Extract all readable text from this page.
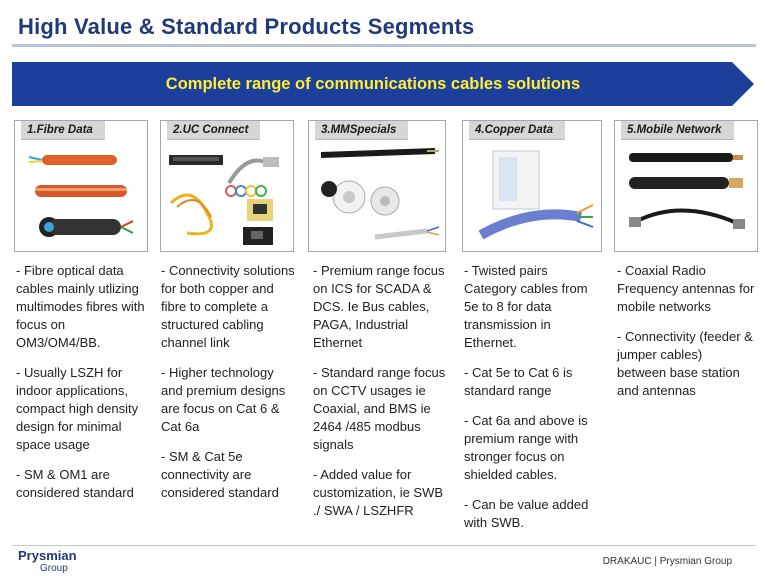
High Value & Standard Products Segments
Complete range of communications cables solutions
1.Fibre Data	2.UC Connect	3.MMSpecials	4.Copper Data	5.Mobile Network

- Fibre optical data cables mainly utlizing multimodes fibres with focus on OM3/OM4/BB.

- Usually LSZH for indoor applications, compact high density design for minimal space usage

- SM & OM1 are considered standard

- Connectivity solutions for both copper and fibre to complete a structured cabling channel link

- Higher technology and premium designs are focus on Cat 6 & Cat 6a

- SM & Cat 5e connectivity are considered standard

- Premium range focus on ICS for SCADA & DCS. Ie Bus cables, PAGA, Industrial Ethernet

- Standard range focus on CCTV usages ie Coaxial, and BMS ie 2464 /485 modbus signals

- Added value for customization, ie SWB ./ SWA / LSZHFR

- Twisted pairs Category cables from 5e to 8 for data transmission in Ethernet.

- Cat 5e to Cat 6 is standard range

- Cat 6a and above is premium range with stronger focus on shielded cables.

- Can be value added with SWB.

- Coaxial Radio Frequency antennas for mobile networks

- Connectivity (feeder & jumper cables) between base station and antennas

Prysmian
Group
DRAKAUC | Prysmian Group
